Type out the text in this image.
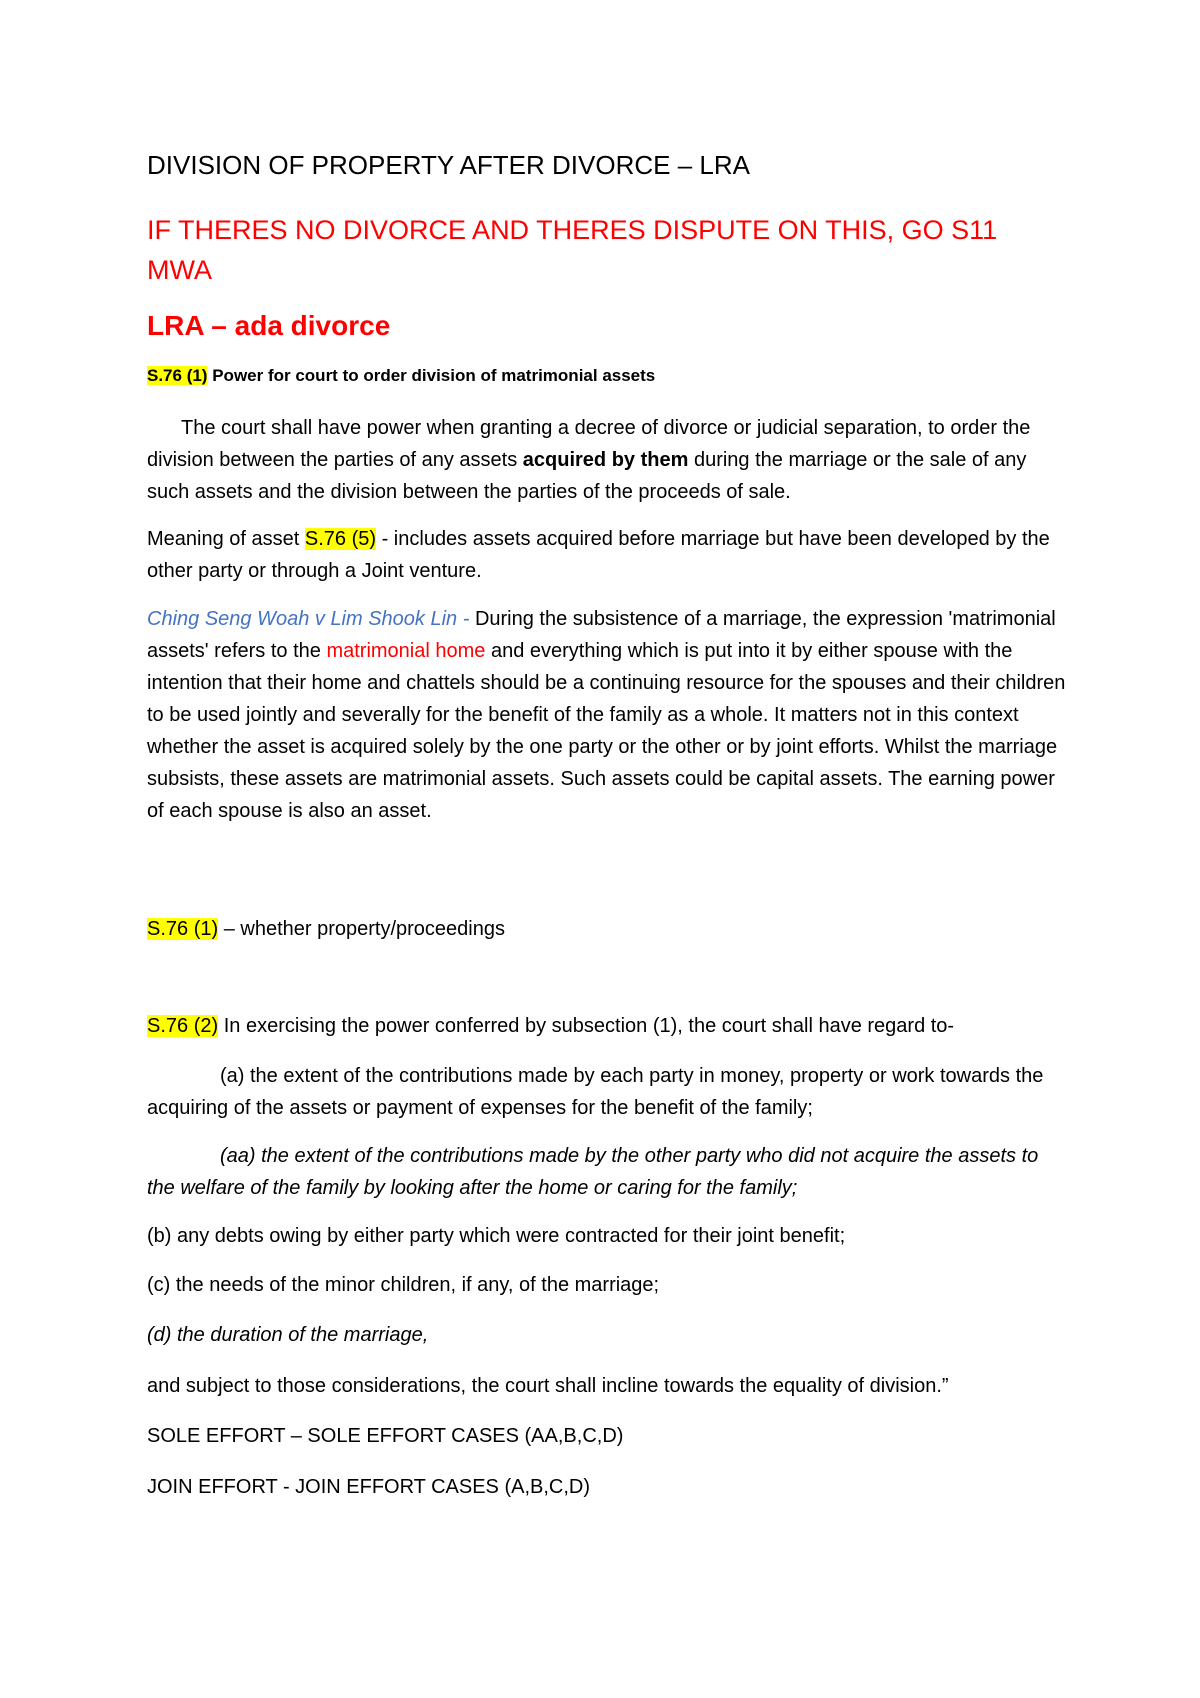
DIVISION OF PROPERTY AFTER DIVORCE – LRA

IF THERES NO DIVORCE AND THERES DISPUTE ON THIS, GO S11 MWA

LRA – ada divorce

S.76 (1) Power for court to order division of matrimonial assets

The court shall have power when granting a decree of divorce or judicial separation, to order the division between the parties of any assets acquired by them during the marriage or the sale of any such assets and the division between the parties of the proceeds of sale.

Meaning of asset S.76 (5) - includes assets acquired before marriage but have been developed by the other party or through a Joint venture.

Ching Seng Woah v Lim Shook Lin - During the subsistence of a marriage, the expression 'matrimonial assets' refers to the matrimonial home and everything which is put into it by either spouse with the intention that their home and chattels should be a continuing resource for the spouses and their children to be used jointly and severally for the benefit of the family as a whole. It matters not in this context whether the asset is acquired solely by the one party or the other or by joint efforts. Whilst the marriage subsists, these assets are matrimonial assets. Such assets could be capital assets. The earning power of each spouse is also an asset.

S.76 (1) – whether property/proceedings

S.76 (2) In exercising the power conferred by subsection (1), the court shall have regard to-

(a) the extent of the contributions made by each party in money, property or work towards the acquiring of the assets or payment of expenses for the benefit of the family;

(aa) the extent of the contributions made by the other party who did not acquire the assets to the welfare of the family by looking after the home or caring for the family;

(b) any debts owing by either party which were contracted for their joint benefit;

(c) the needs of the minor children, if any, of the marriage;

(d) the duration of the marriage,

and subject to those considerations, the court shall incline towards the equality of division.”

SOLE EFFORT – SOLE EFFORT CASES (AA,B,C,D)

JOIN EFFORT - JOIN EFFORT CASES (A,B,C,D)
